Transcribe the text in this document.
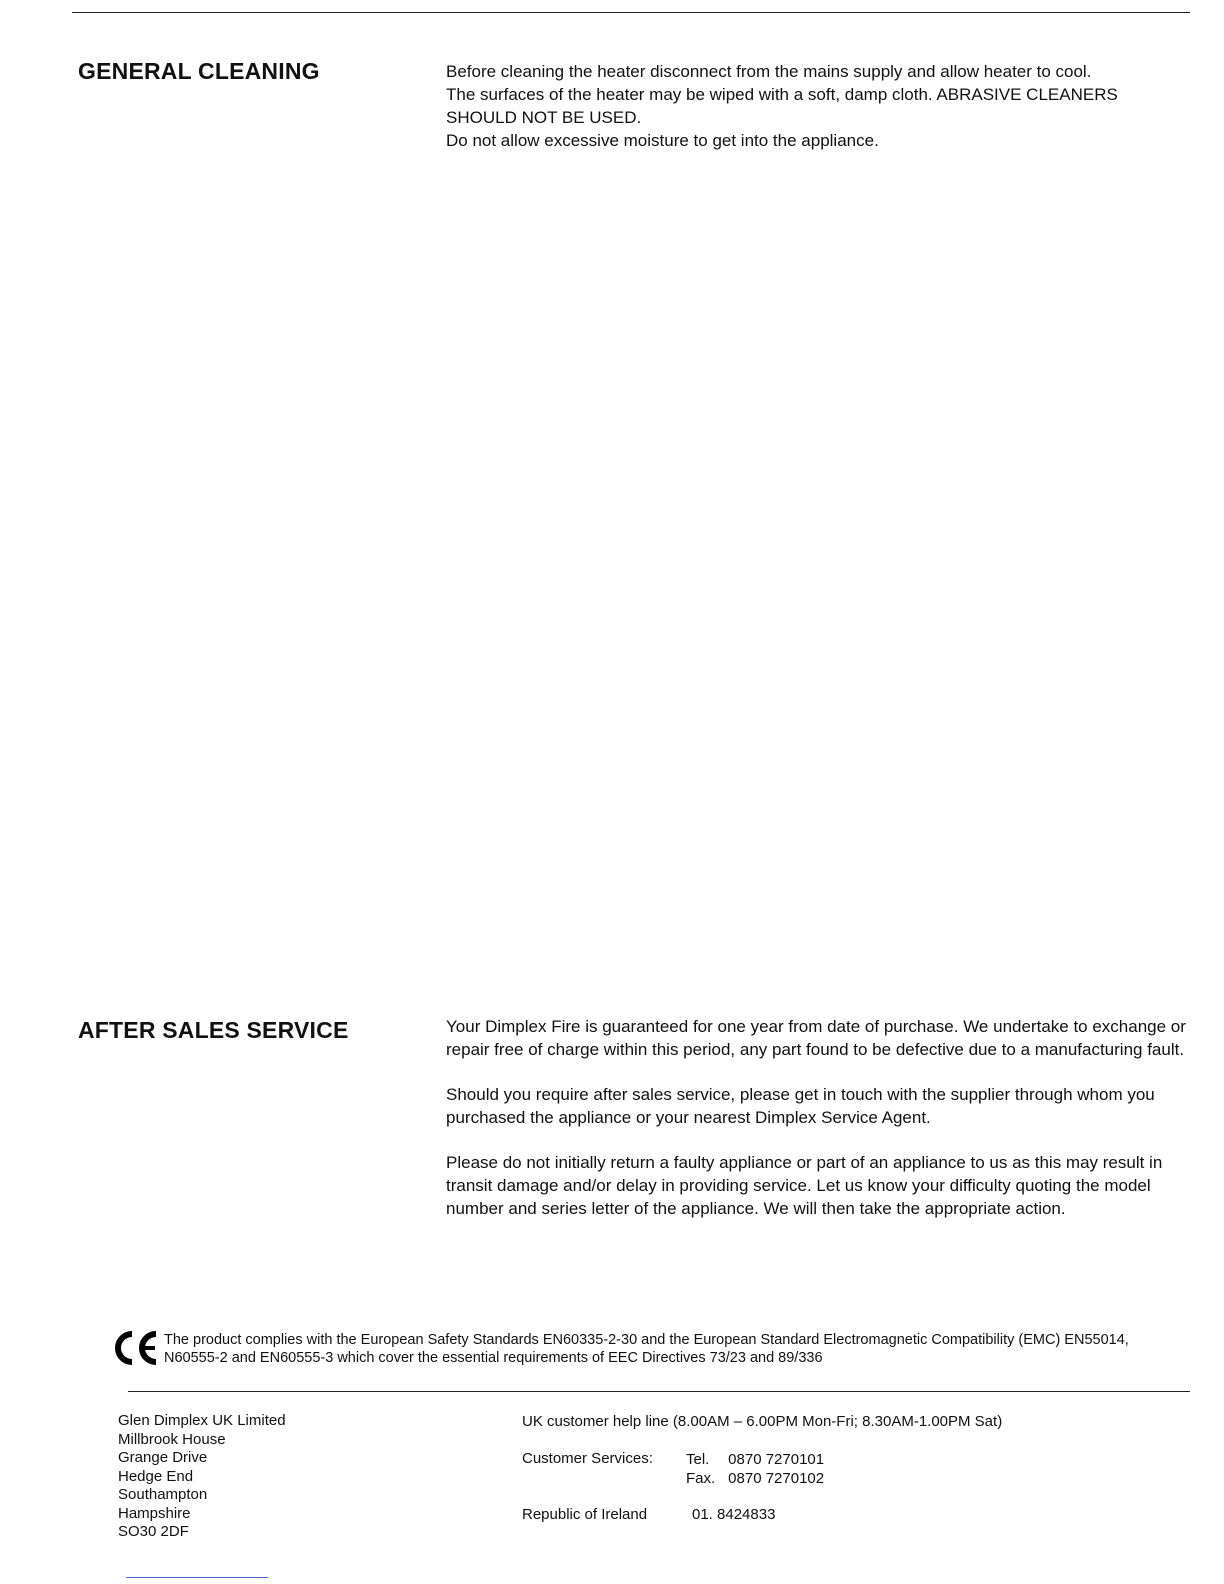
GENERAL CLEANING	Before cleaning the heater disconnect from the mains supply and allow heater to cool.

The surfaces of the heater may be wiped with a soft, damp cloth. ABRASIVE CLEANERS SHOULD NOT BE USED.

Do not allow excessive moisture to get into the appliance.

AFTER SALES SERVICE	Your Dimplex Fire is guaranteed for one year from date of purchase. We undertake to exchange or repair free of charge within this period, any part found to be defective due to a manufacturing fault.

Should you require after sales service, please get in touch with the supplier through whom you purchased the appliance or your nearest Dimplex Service Agent.

Please do not initially return a faulty appliance or part of an appliance to us as this may result in transit damage and/or delay in providing service. Let us know your difficulty quoting the model number and series letter of the appliance. We will then take the appropriate action.

The product complies with the European Safety Standards EN60335-2-30 and the European Standard Electromagnetic Compatibility (EMC) EN55014, N60555-2 and EN60555-3 which cover the essential requirements of EEC Directives 73/23 and 89/336
Glen Dimplex UK Limited
Millbrook House
Grange Drive
Hedge End
Southampton
Hampshire
SO30 2DF
UK customer help line (8.00AM – 6.00PM Mon-Fri; 8.30AM-1.00PM Sat)
Customer Services: Tel. 0870 7270101
Fax. 0870 7270102
Republic of Ireland	01. 8424833
